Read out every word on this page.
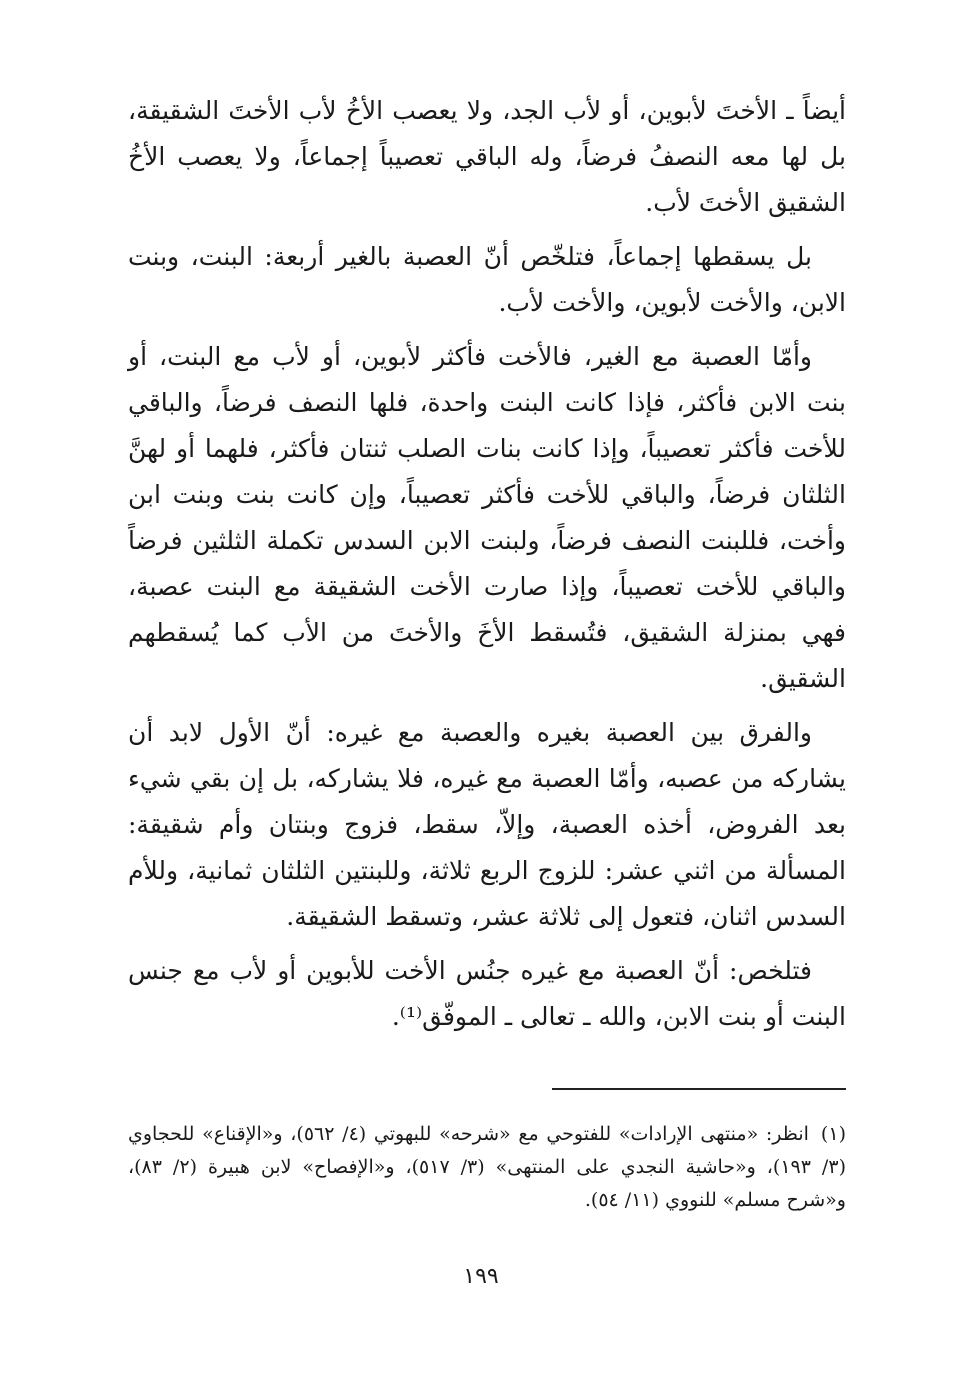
أيضاً ـ الأختَ لأبوين، أو لأب الجد، ولا يعصب الأخُ لأب الأختَ الشقيقة، بل لها معه النصفُ فرضاً، وله الباقي تعصيباً إجماعاً، ولا يعصب الأخُ الشقيق الأختَ لأب.

بل يسقطها إجماعاً، فتلخّص أنّ العصبة بالغير أربعة: البنت، وبنت الابن، والأخت لأبوين، والأخت لأب.

وأمّا العصبة مع الغير، فالأخت فأكثر لأبوين، أو لأب مع البنت، أو بنت الابن فأكثر، فإذا كانت البنت واحدة، فلها النصف فرضاً، والباقي للأخت فأكثر تعصيباً، وإذا كانت بنات الصلب ثنتان فأكثر، فلهما أو لهنَّ الثلثان فرضاً، والباقي للأخت فأكثر تعصيباً، وإن كانت بنت وبنت ابن وأخت، فللبنت النصف فرضاً، ولبنت الابن السدس تكملة الثلثين فرضاً والباقي للأخت تعصيباً، وإذا صارت الأخت الشقيقة مع البنت عصبة، فهي بمنزلة الشقيق، فتُسقط الأخَ والأختَ من الأب كما يُسقطهم الشقيق.

والفرق بين العصبة بغيره والعصبة مع غيره: أنّ الأول لابد أن يشاركه من عصبه، وأمّا العصبة مع غيره، فلا يشاركه، بل إن بقي شيء بعد الفروض، أخذه العصبة، وإلاّ، سقط، فزوج وبنتان وأم شقيقة: المسألة من اثني عشر: للزوج الربع ثلاثة، وللبنتين الثلثان ثمانية، وللأم السدس اثنان، فتعول إلى ثلاثة عشر، وتسقط الشقيقة.

فتلخص: أنّ العصبة مع غيره جنُس الأخت للأبوين أو لأب مع جنس البنت أو بنت الابن، والله ـ تعالى ـ الموفّق⁽¹⁾.

(١)انظر: «منتهى الإرادات» للفتوحي مع «شرحه» للبهوتي (٤/ ٥٦٢)، و«الإقناع» للحجاوي (٣/ ١٩٣)، و«حاشية النجدي على المنتهى» (٣/ ٥١٧)، و«الإفصاح» لابن هبيرة (٢/ ٨٣)، و«شرح مسلم» للنووي (١١/ ٥٤).
١٩٩
